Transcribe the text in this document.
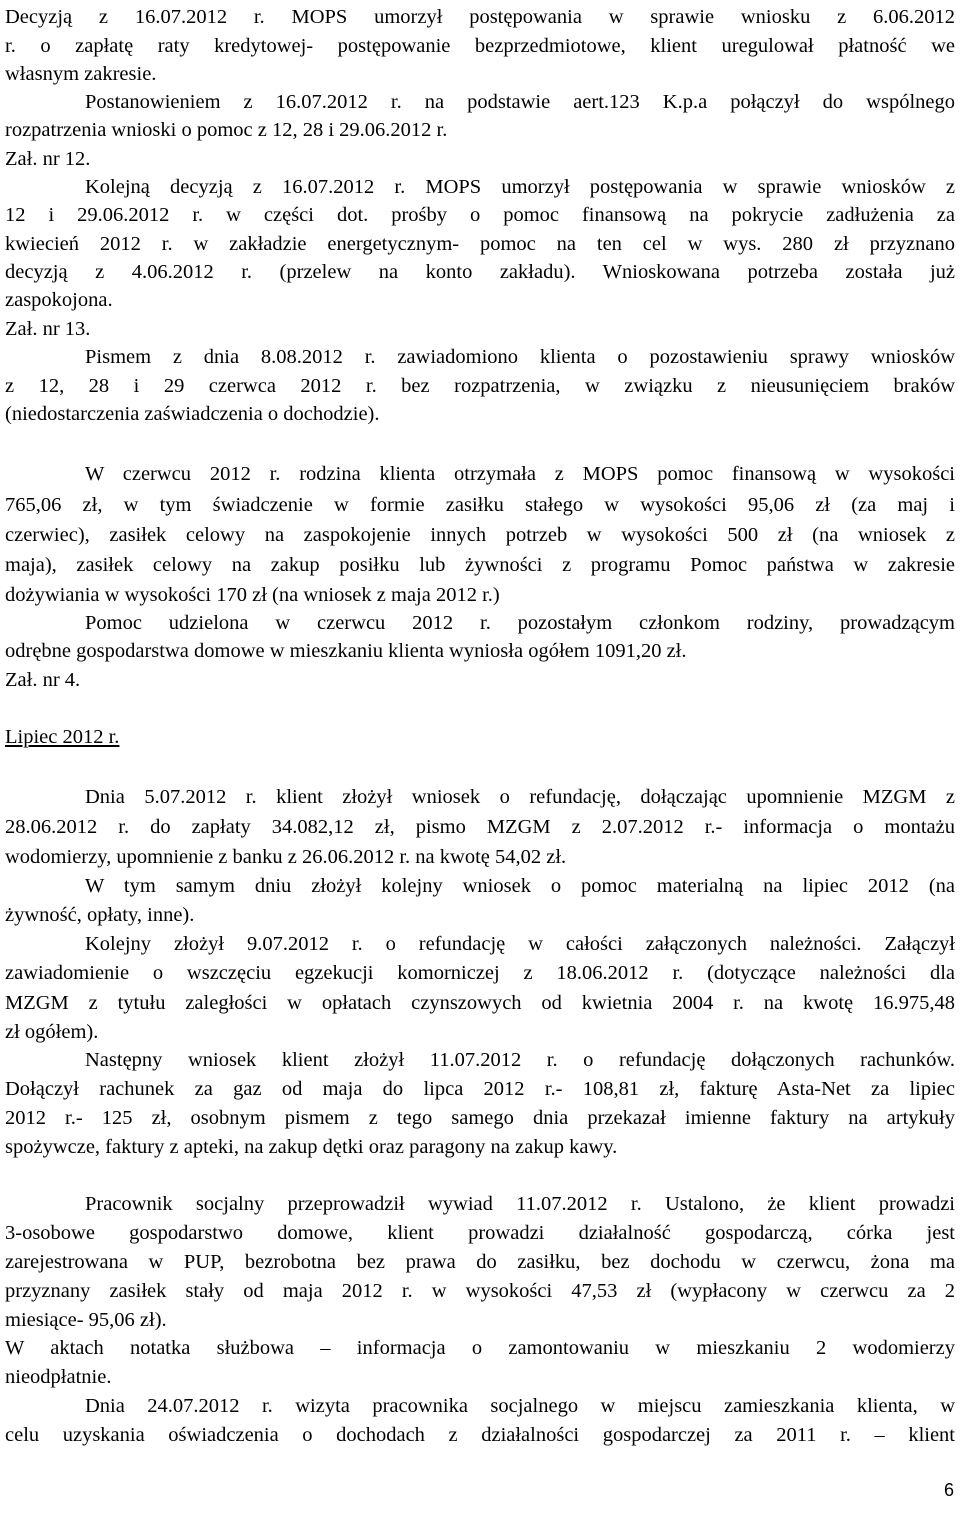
Decyzją z 16.07.2012 r. MOPS umorzył postępowania w sprawie wniosku z 6.06.2012
r. o zapłatę raty kredytowej- postępowanie bezprzedmiotowe, klient uregulował płatność we
własnym zakresie.
Postanowieniem z 16.07.2012 r. na podstawie aert.123 K.p.a połączył do wspólnego
rozpatrzenia wnioski o pomoc z 12, 28 i 29.06.2012 r.
Zał. nr 12.
Kolejną decyzją z 16.07.2012 r. MOPS umorzył postępowania w sprawie wniosków z
12 i 29.06.2012 r. w części dot. prośby o pomoc finansową na pokrycie zadłużenia za
kwiecień 2012 r. w zakładzie energetycznym- pomoc na ten cel w wys. 280 zł przyznano
decyzją z 4.06.2012 r. (przelew na konto zakładu). Wnioskowana potrzeba została już
zaspokojona.
Zał. nr 13.
Pismem z dnia 8.08.2012 r. zawiadomiono klienta o pozostawieniu sprawy wniosków
z 12, 28 i 29 czerwca 2012 r. bez rozpatrzenia, w związku z nieusunięciem braków
(niedostarczenia zaświadczenia o dochodzie).
W czerwcu 2012 r. rodzina klienta otrzymała z MOPS pomoc finansową w wysokości
765,06 zł, w tym świadczenie w formie zasiłku stałego w wysokości 95,06 zł (za maj i
czerwiec), zasiłek celowy na zaspokojenie innych potrzeb w wysokości 500 zł (na wniosek z
maja), zasiłek celowy na zakup posiłku lub żywności z programu Pomoc państwa w zakresie
dożywiania w wysokości 170 zł (na wniosek z maja 2012 r.)
Pomoc udzielona w czerwcu 2012 r. pozostałym członkom rodziny, prowadzącym
odrębne gospodarstwa domowe w mieszkaniu klienta wyniosła ogółem 1091,20 zł.
Zał. nr 4.
Lipiec 2012 r.
Dnia 5.07.2012 r. klient złożył wniosek o refundację, dołączając upomnienie MZGM z
28.06.2012 r. do zapłaty 34.082,12 zł, pismo MZGM z 2.07.2012 r.- informacja o montażu
wodomierzy, upomnienie z banku z 26.06.2012 r. na kwotę 54,02 zł.
W tym samym dniu złożył kolejny wniosek o pomoc materialną na lipiec 2012 (na
żywność, opłaty, inne).
Kolejny złożył 9.07.2012 r. o refundację w całości załączonych należności. Załączył
zawiadomienie o wszczęciu egzekucji komorniczej z 18.06.2012 r. (dotyczące należności dla
MZGM z tytułu zaległości w opłatach czynszowych od kwietnia 2004 r. na kwotę 16.975,48
zł ogółem).
Następny wniosek klient złożył 11.07.2012 r. o refundację dołączonych rachunków.
Dołączył rachunek za gaz od maja do lipca 2012 r.- 108,81 zł, fakturę Asta-Net za lipiec
2012 r.- 125 zł, osobnym pismem z tego samego dnia przekazał imienne faktury na artykuły
spożywcze, faktury z apteki, na zakup dętki oraz paragony na zakup kawy.
Pracownik socjalny przeprowadził wywiad 11.07.2012 r. Ustalono, że klient prowadzi
3-osobowe gospodarstwo domowe, klient prowadzi działalność gospodarczą, córka jest
zarejestrowana w PUP, bezrobotna bez prawa do zasiłku, bez dochodu w czerwcu, żona ma
przyznany zasiłek stały od maja 2012 r. w wysokości 47,53 zł (wypłacony w czerwcu za 2
miesiące- 95,06 zł).
W aktach notatka służbowa – informacja o zamontowaniu w mieszkaniu 2 wodomierzy
nieodpłatnie.
Dnia 24.07.2012 r. wizyta pracownika socjalnego w miejscu zamieszkania klienta, w
celu uzyskania oświadczenia o dochodach z działalności gospodarczej za 2011 r. – klient
6
